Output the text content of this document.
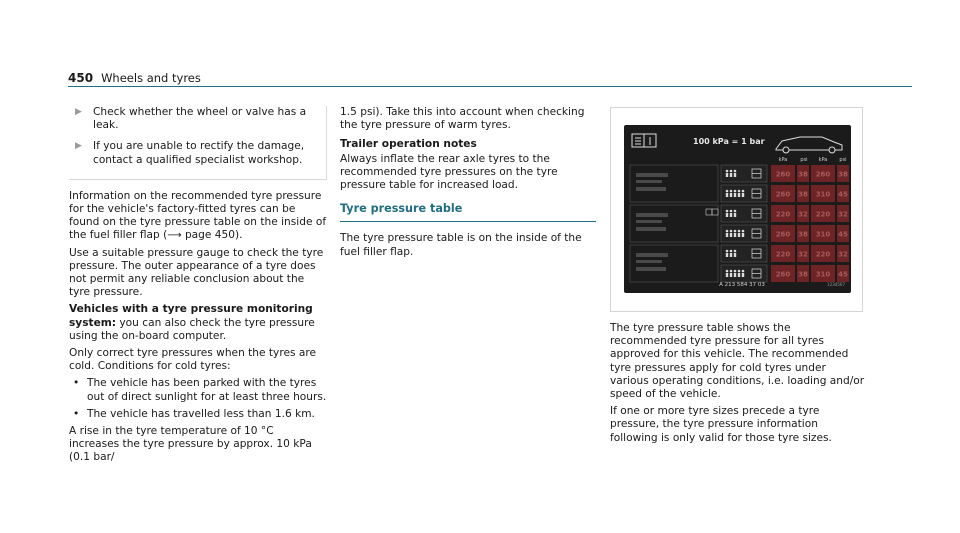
450 Wheels and tyres
▶ Check whether the wheel or valve has a leak.
▶ If you are unable to rectify the damage, contact a qualified specialist workshop.

Information on the recommended tyre pressure for the vehicle's factory-fitted tyres can be found on the tyre pressure table on the inside of the fuel filler flap (⟶ page 450).

Use a suitable pressure gauge to check the tyre pressure. The outer appearance of a tyre does not permit any reliable conclusion about the tyre pressure.

Vehicles with a tyre pressure monitoring system: you can also check the tyre pressure using the on-board computer.

Only correct tyre pressures when the tyres are cold. Conditions for cold tyres:

• The vehicle has been parked with the tyres out of direct sunlight for at least three hours.
• The vehicle has travelled less than 1.6 km.

A rise in the tyre temperature of 10 °C increases the tyre pressure by approx. 10 kPa (0.1 bar/

1.5 psi). Take this into account when checking the tyre pressure of warm tyres.

Trailer operation notes

Always inflate the rear axle tyres to the recommended tyre pressures on the tyre pressure table for increased load.

Tyre pressure table

The tyre pressure table is on the inside of the fuel filler flap.

100 kPa = 1 bar
kPa	psi kPa psi
260 38 260 38
260 38 310 45
220 32 220 32
260 38 310 45
220 32 220 32
260 38 310 45
A 213 584 37 03	1234567

The tyre pressure table shows the recommended tyre pressure for all tyres approved for this vehicle. The recommended tyre pressures apply for cold tyres under various operating conditions, i.e. loading and/or speed of the vehicle.

If one or more tyre sizes precede a tyre pressure, the tyre pressure information following is only valid for those tyre sizes.
